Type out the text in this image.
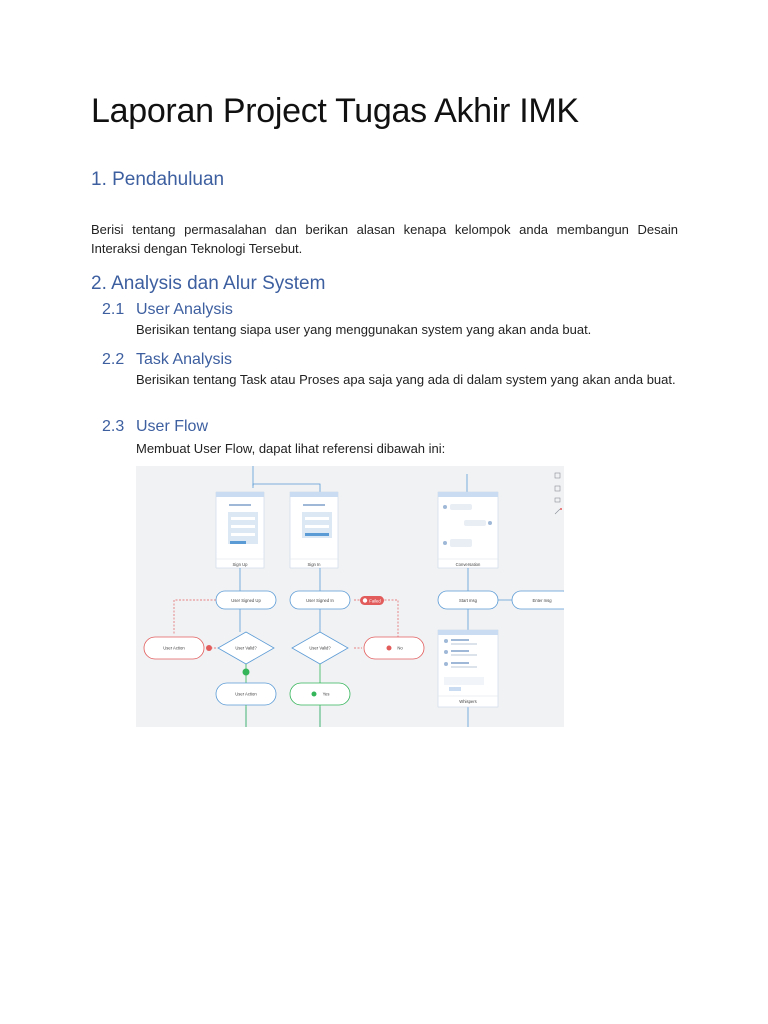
Laporan Project Tugas Akhir IMK
1. Pendahuluan
Berisi tentang permasalahan dan berikan alasan kenapa kelompok anda membangun Desain Interaksi dengan Teknologi Tersebut.
2. Analysis dan Alur System
2.1 User Analysis
Berisikan tentang siapa user yang menggunakan system yang akan anda buat.
2.2 Task Analysis
Berisikan tentang Task atau Proses apa saja yang ada di dalam system yang akan anda buat.
2.3 User Flow
Membuat User Flow, dapat lihat referensi dibawah ini:
Sign Up	Sign In	Conversation
User Signed Up	User Signed In	Failed	Start msg	Enter msg
User Action	User Valid?	User Valid?	No
Whispers
User Action	Yes
